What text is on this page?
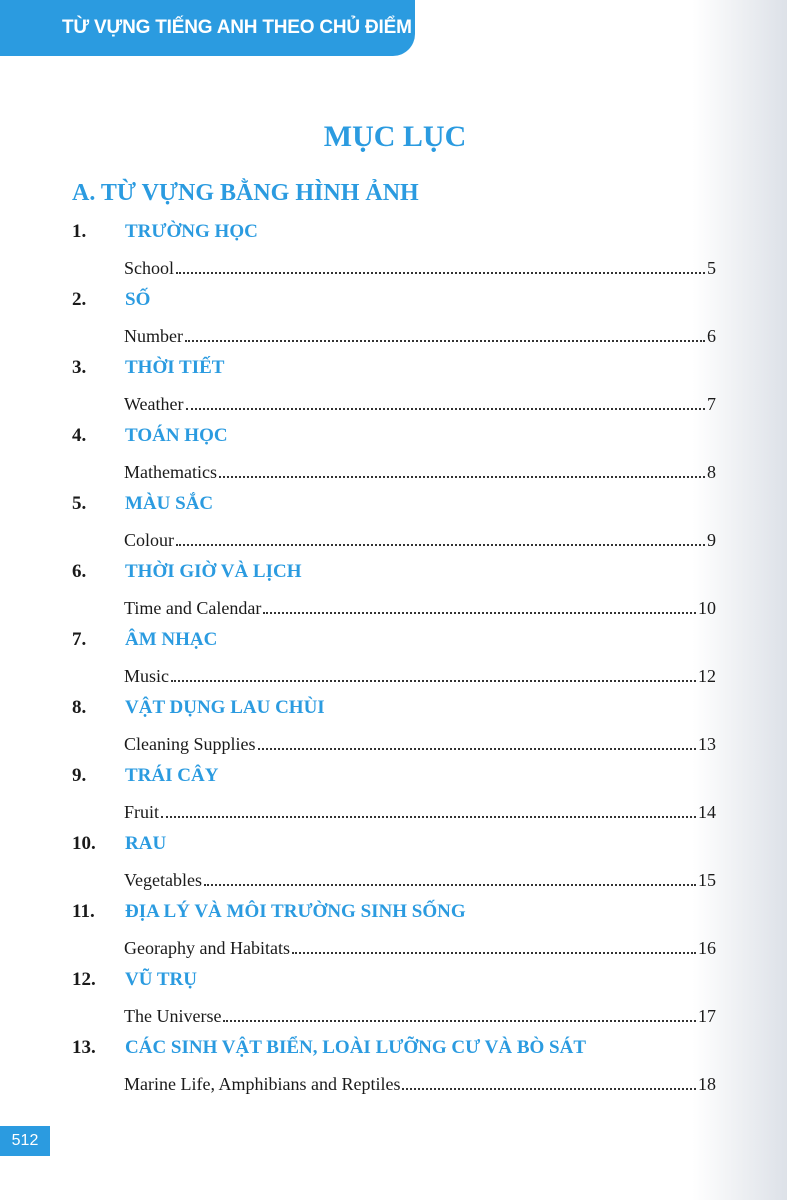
TỪ VỰNG TIẾNG ANH THEO CHỦ ĐIỂM
MỤC LỤC
A. TỪ VỰNG BẰNG HÌNH ẢNH
1.	TRƯỜNG HỌC
School	5
2.	SỐ
Number	6
3.	THỜI TIẾT
Weather	7
4.	TOÁN HỌC
Mathematics	8
5.	MÀU SẮC
Colour	9
6.	THỜI GIỜ VÀ LỊCH
Time and Calendar	10
7.	ÂM NHẠC
Music	12
8.	VẬT DỤNG LAU CHÙI
Cleaning Supplies	13
9.	TRÁI CÂY
Fruit	14
10.	RAU
Vegetables	15
11.	ĐỊA LÝ VÀ MÔI TRƯỜNG SINH SỐNG
Georaphy and Habitats	16
12.	VŨ TRỤ
The Universe	17
13.	CÁC SINH VẬT BIỂN, LOÀI LƯỠNG CƯ VÀ BÒ SÁT
Marine Life, Amphibians and Reptiles	18
512
